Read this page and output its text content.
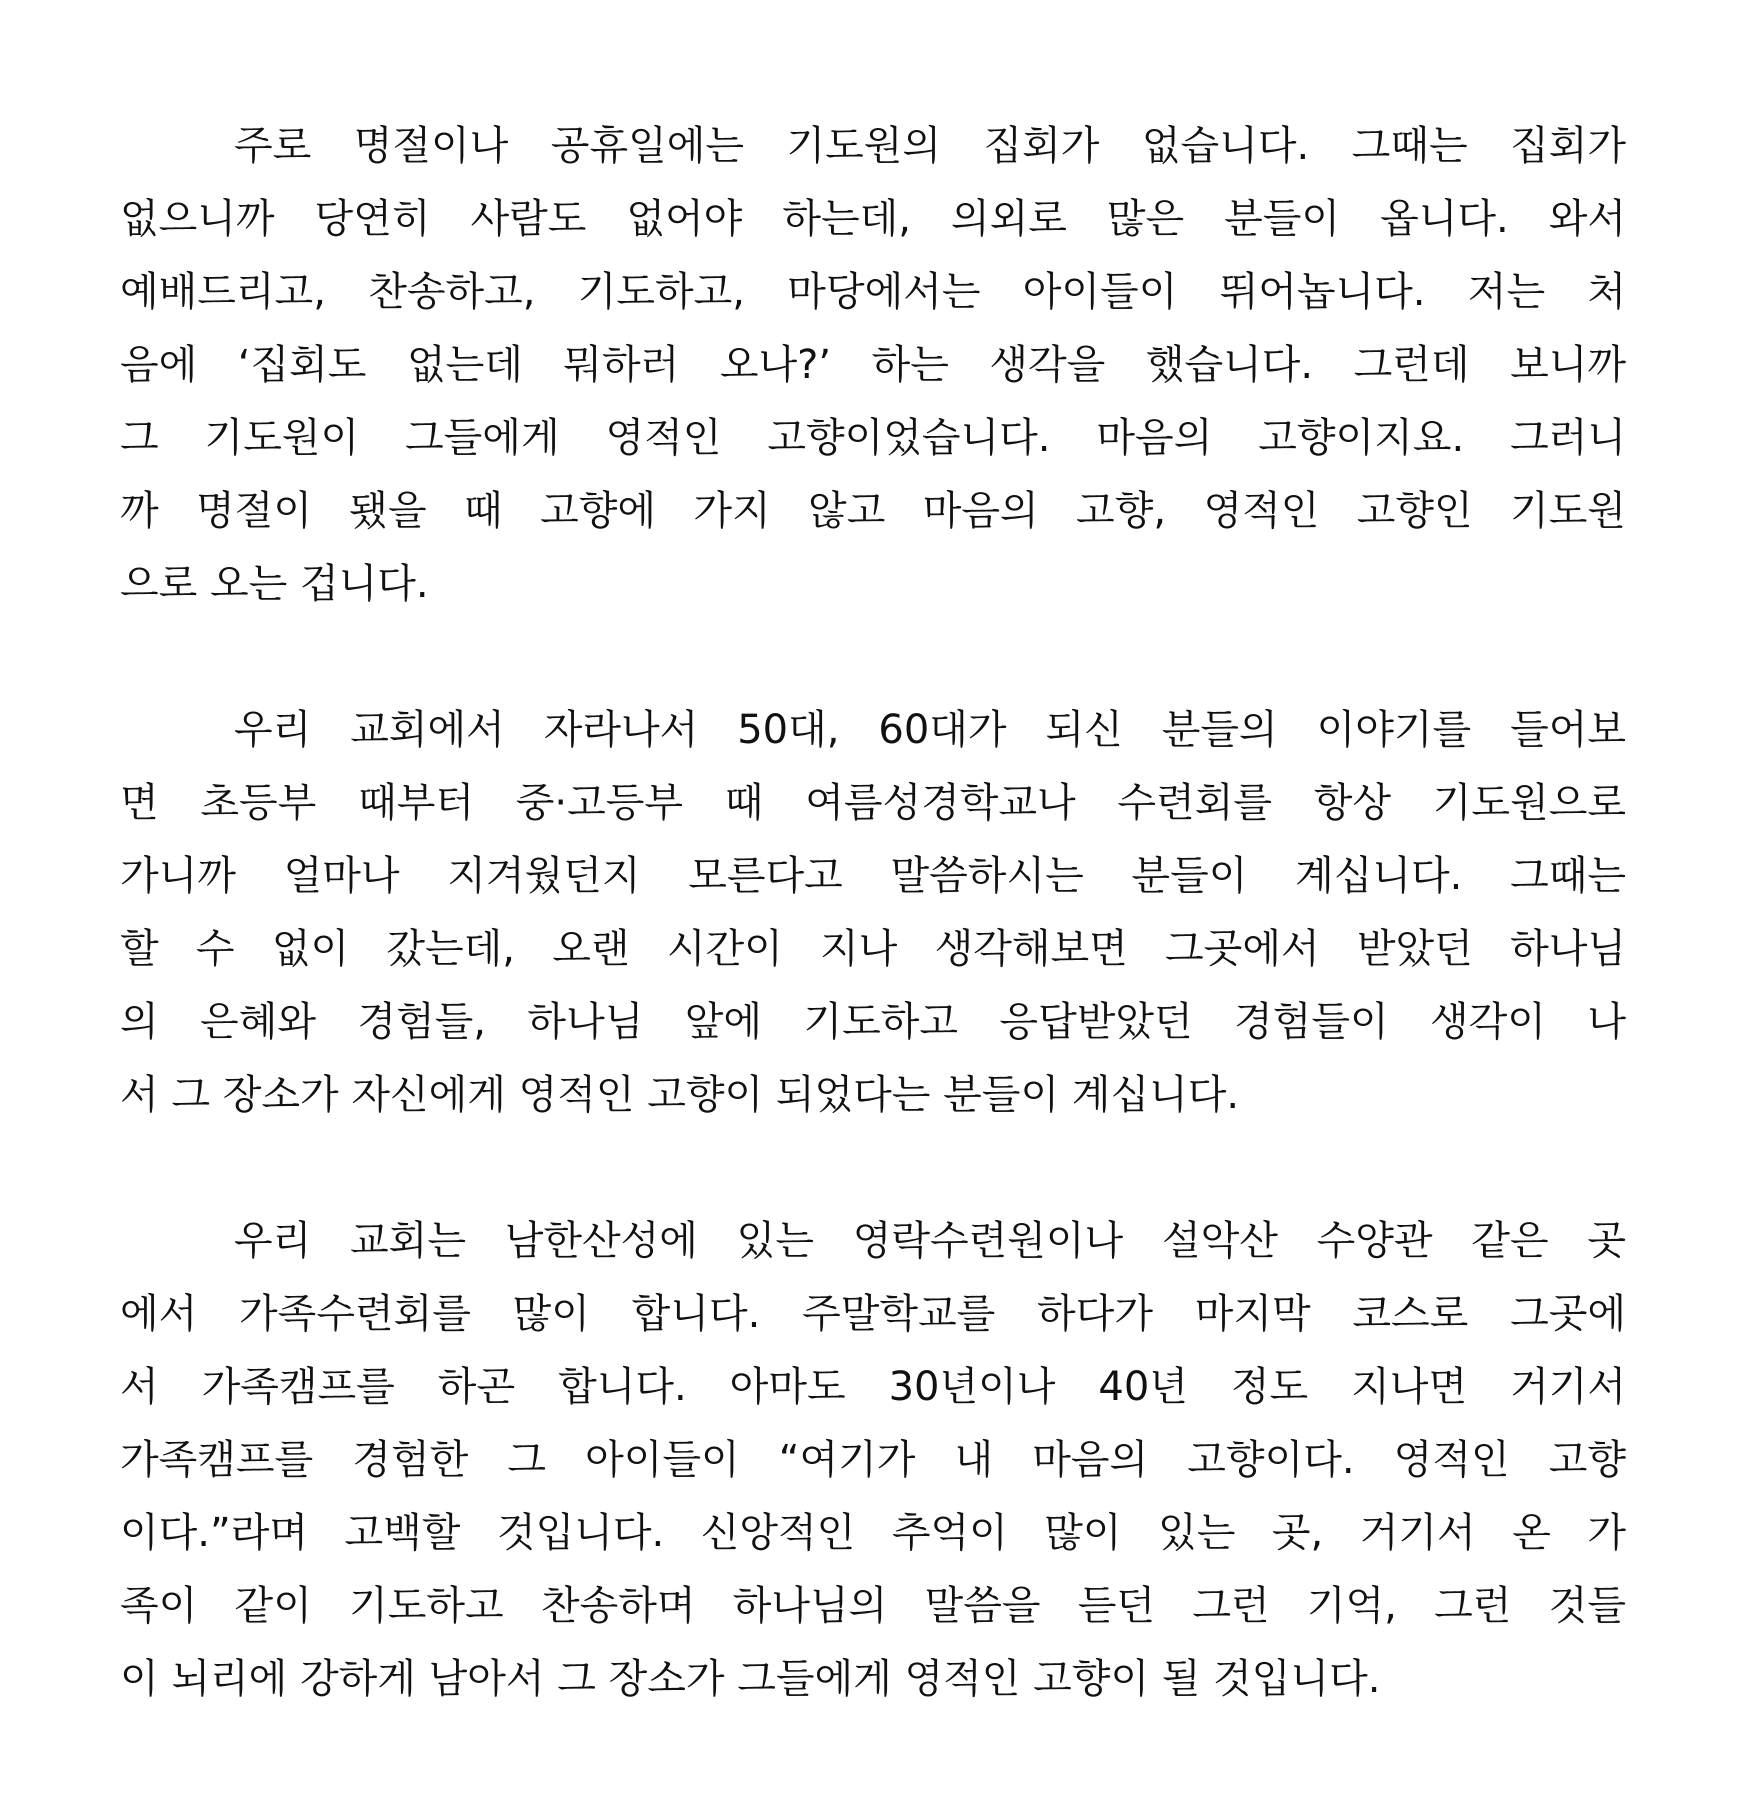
주로 명절이나 공휴일에는 기도원의 집회가 없습니다. 그때는 집회가
없으니까 당연히 사람도 없어야 하는데, 의외로 많은 분들이 옵니다. 와서
예배드리고, 찬송하고, 기도하고, 마당에서는 아이들이 뛰어놉니다. 저는 처
음에 ‘집회도 없는데 뭐하러 오나?’ 하는 생각을 했습니다. 그런데 보니까
그 기도원이 그들에게 영적인 고향이었습니다. 마음의 고향이지요. 그러니
까 명절이 됐을 때 고향에 가지 않고 마음의 고향, 영적인 고향인 기도원
으로 오는 겁니다.
우리 교회에서 자라나서 50대, 60대가 되신 분들의 이야기를 들어보
면 초등부 때부터 중·고등부 때 여름성경학교나 수련회를 항상 기도원으로
가니까 얼마나 지겨웠던지 모른다고 말씀하시는 분들이 계십니다. 그때는
할 수 없이 갔는데, 오랜 시간이 지나 생각해보면 그곳에서 받았던 하나님
의 은혜와 경험들, 하나님 앞에 기도하고 응답받았던 경험들이 생각이 나
서 그 장소가 자신에게 영적인 고향이 되었다는 분들이 계십니다.
우리 교회는 남한산성에 있는 영락수련원이나 설악산 수양관 같은 곳
에서 가족수련회를 많이 합니다. 주말학교를 하다가 마지막 코스로 그곳에
서 가족캠프를 하곤 합니다. 아마도 30년이나 40년 정도 지나면 거기서
가족캠프를 경험한 그 아이들이 “여기가 내 마음의 고향이다. 영적인 고향
이다.”라며 고백할 것입니다. 신앙적인 추억이 많이 있는 곳, 거기서 온 가
족이 같이 기도하고 찬송하며 하나님의 말씀을 듣던 그런 기억, 그런 것들
이 뇌리에 강하게 남아서 그 장소가 그들에게 영적인 고향이 될 것입니다.
